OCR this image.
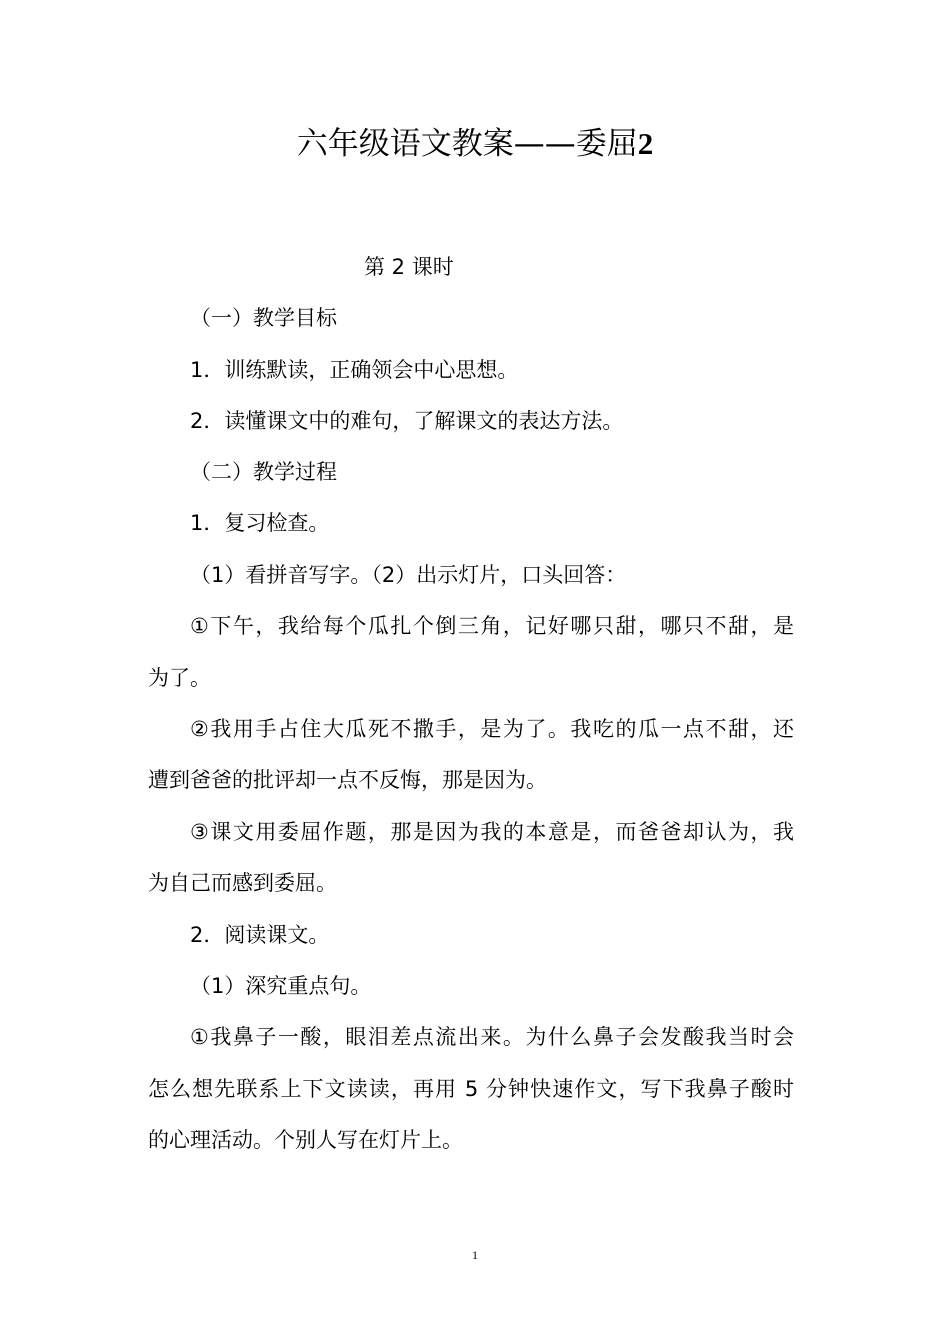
六年级语文教案——委屈2
第 2 课时
（一）教学目标
1．训练默读，正确领会中心思想。
2．读懂课文中的难句，了解课文的表达方法。
（二）教学过程
1．复习检查。
（1）看拼音写字。（2）出示灯片，口头回答：
①下午，我给每个瓜扎个倒三角，记好哪只甜，哪只不甜，是
为了。
②我用手占住大瓜死不撒手，是为了。我吃的瓜一点不甜，还
遭到爸爸的批评却一点不反悔，那是因为。
③课文用委屈作题，那是因为我的本意是，而爸爸却认为，我
为自己而感到委屈。
2．阅读课文。
（1）深究重点句。
①我鼻子一酸，眼泪差点流出来。为什么鼻子会发酸我当时会
怎么想先联系上下文读读，再用 5 分钟快速作文，写下我鼻子酸时
的心理活动。个别人写在灯片上。
1
